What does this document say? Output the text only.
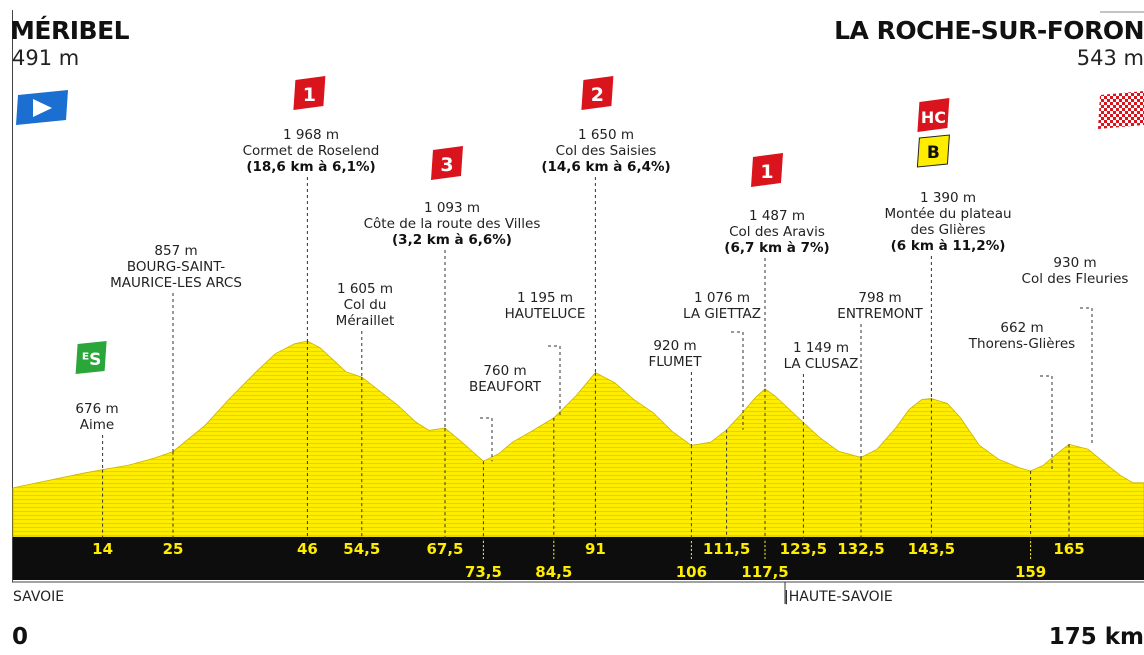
14	25	46 54,5	67,5
73,5 84,5
91
106
111,5
117,5
123,5 132,5 143,5
159
165
676 m
Aime
ᴱS
857 m
BOURG-SAINT-
MAURICE-LES ARCS
1 968 m
Cormet de Roselend
(18,6 km à 6,1%)
1
1 605 m
Col du
Méraillet
1 093 m
Côte de la route des Villes
(3,2 km à 6,6%)
3
760 m
BEAUFORT
1 195 m
HAUTELUCE
1 650 m
Col des Saisies
(14,6 km à 6,4%)
2
920 m
FLUMET
1 076 m
LA GIETTAZ
1 487 m
Col des Aravis
(6,7 km à 7%)
1
1 149 m
LA CLUSAZ
798 m
ENTREMONT
1 390 m
Montée du plateau
des Glières
(6 km à 11,2%)
HC
B
662 m
Thorens-Glières
930 m
Col des Fleuries
MÉRIBEL
491 m
LA ROCHE-SUR-FORON
543 m
SAVOIE	|HAUTE-SAVOIE
0	175 km
